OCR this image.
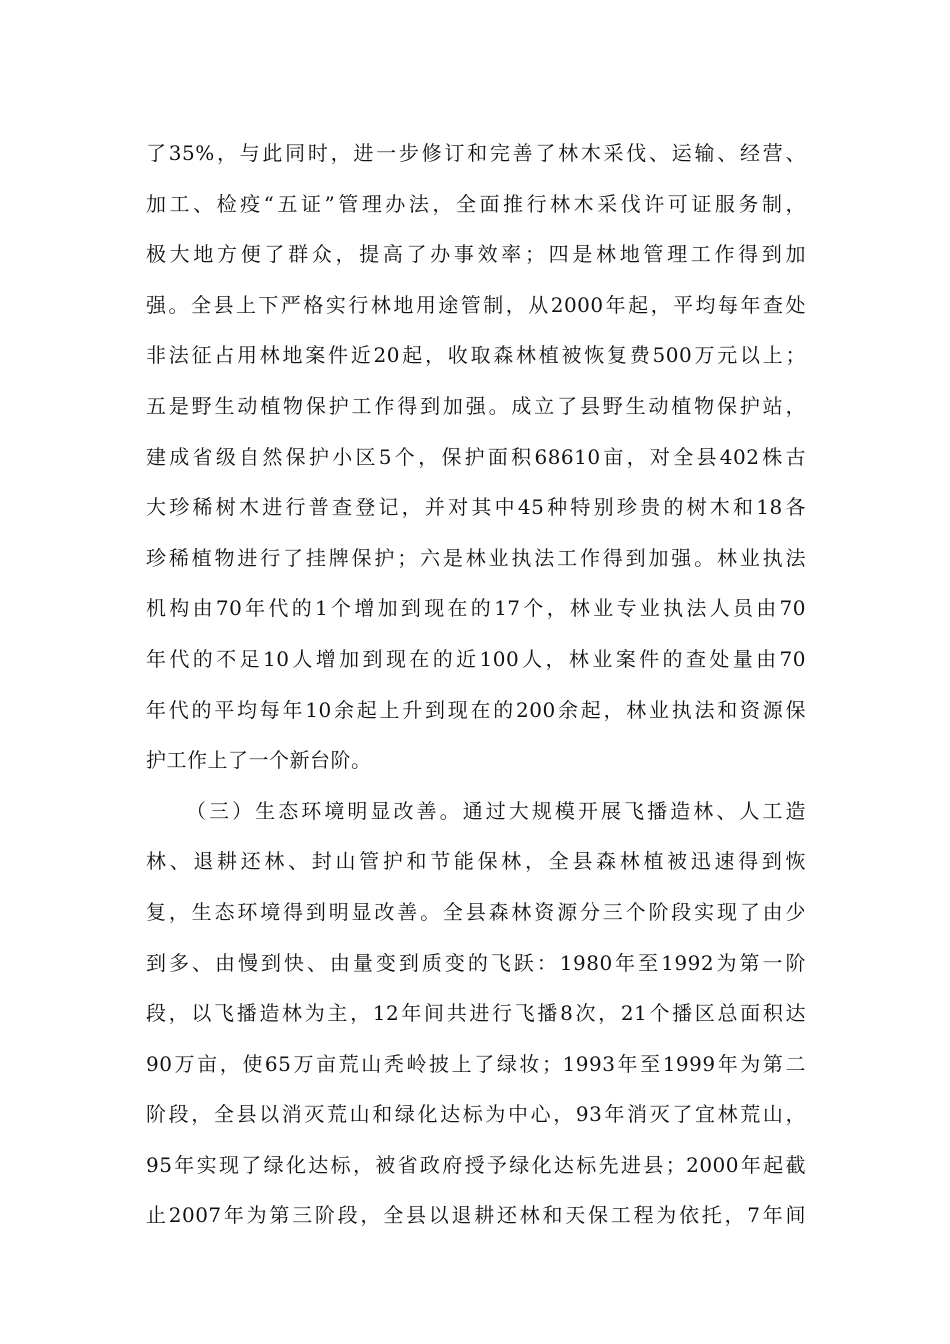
了35%，与此同时，进一步修订和完善了林木采伐、运输、经营、
加工、检疫“五证”管理办法，全面推行林木采伐许可证服务制，
极大地方便了群众，提高了办事效率；四是林地管理工作得到加
强。全县上下严格实行林地用途管制，从2000年起，平均每年查处
非法征占用林地案件近20起，收取森林植被恢复费500万元以上；
五是野生动植物保护工作得到加强。成立了县野生动植物保护站，
建成省级自然保护小区5个，保护面积68610亩，对全县402株古
大珍稀树木进行普查登记，并对其中45种特别珍贵的树木和18各
珍稀植物进行了挂牌保护；六是林业执法工作得到加强。林业执法
机构由70年代的1个增加到现在的17个，林业专业执法人员由70
年代的不足10人增加到现在的近100人，林业案件的查处量由70
年代的平均每年10余起上升到现在的200余起，林业执法和资源保
护工作上了一个新台阶。
（三）生态环境明显改善。通过大规模开展飞播造林、人工造
林、退耕还林、封山管护和节能保林，全县森林植被迅速得到恢
复，生态环境得到明显改善。全县森林资源分三个阶段实现了由少
到多、由慢到快、由量变到质变的飞跃：1980年至1992为第一阶
段，以飞播造林为主，12年间共进行飞播8次，21个播区总面积达
90万亩，使65万亩荒山秃岭披上了绿妆；1993年至1999年为第二
阶段，全县以消灭荒山和绿化达标为中心，93年消灭了宜林荒山，
95年实现了绿化达标，被省政府授予绿化达标先进县；2000年起截
止2007年为第三阶段，全县以退耕还林和天保工程为依托，7年间
